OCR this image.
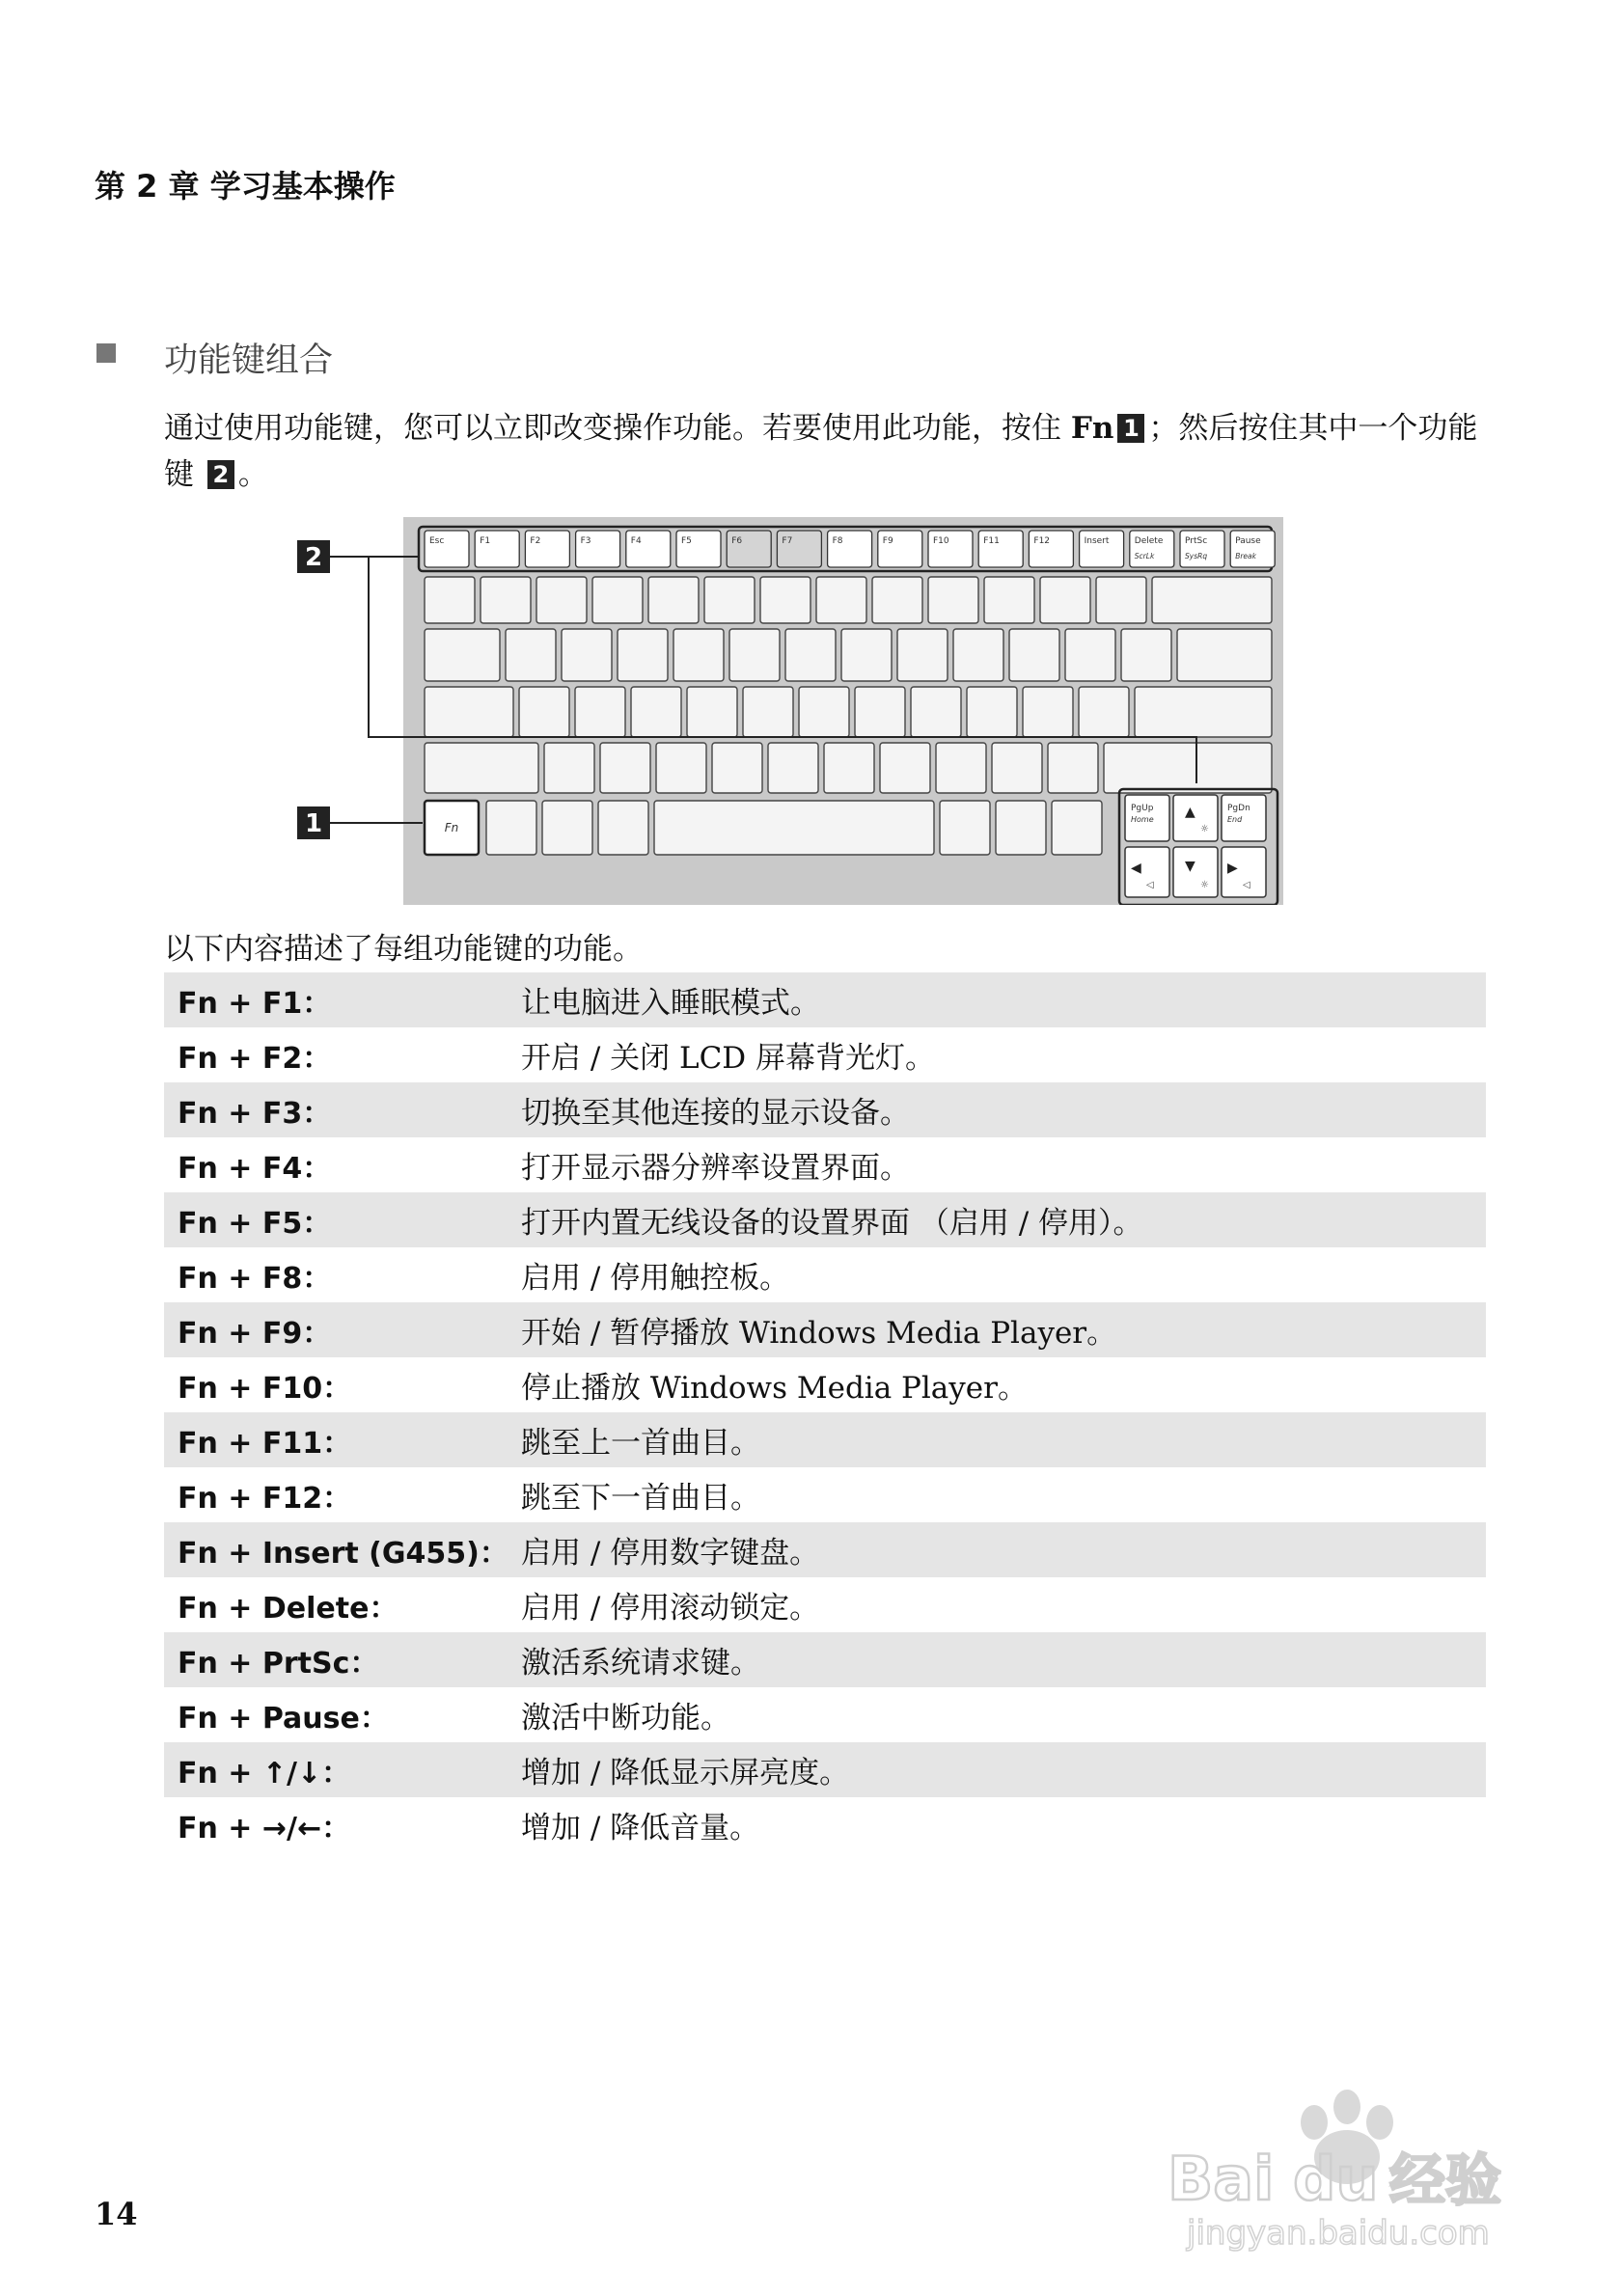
第 2 章 学习基本操作
功能键组合
通过使用功能键，您可以立即改变操作功能。若要使用此功能，按住 Fn 1 ；然后按住其中一个功能键 2 。
2
1
Esc	F1	F2	F3	F4	F5	F6	F7	F8	F9	F10	F11	F12	Insert	Delete
ScrLk
PrtSc
SysRq
Pause
Break
Fn
PgUp
Home ▲
☼
PgDn
End
◀
◁
▼
☼
▶
◁
以下内容描述了每组功能键的功能。
Fn + F1：	让电脑进入睡眠模式。
Fn + F2：	开启 / 关闭 LCD 屏幕背光灯。
Fn + F3：	切换至其他连接的显示设备。
Fn + F4：	打开显示器分辨率设置界面。
Fn + F5：	打开内置无线设备的设置界面 （启用 / 停用）。
Fn + F8：	启用 / 停用触控板。
Fn + F9：	开始 / 暂停播放 Windows Media Player。
Fn + F10：	停止播放 Windows Media Player。
Fn + F11：	跳至上一首曲目。
Fn + F12：	跳至下一首曲目。
Fn + Insert (G455)：	启用 / 停用数字键盘。
Fn + Delete：	启用 / 停用滚动锁定。
Fn + PrtSc：	激活系统请求键。
Fn + Pause：	激活中断功能。
Fn + ↑/↓：	增加 / 降低显示屏亮度。
Fn + →/←：	增加 / 降低音量。
14	Bai du 经验
jingyan.baidu.com
